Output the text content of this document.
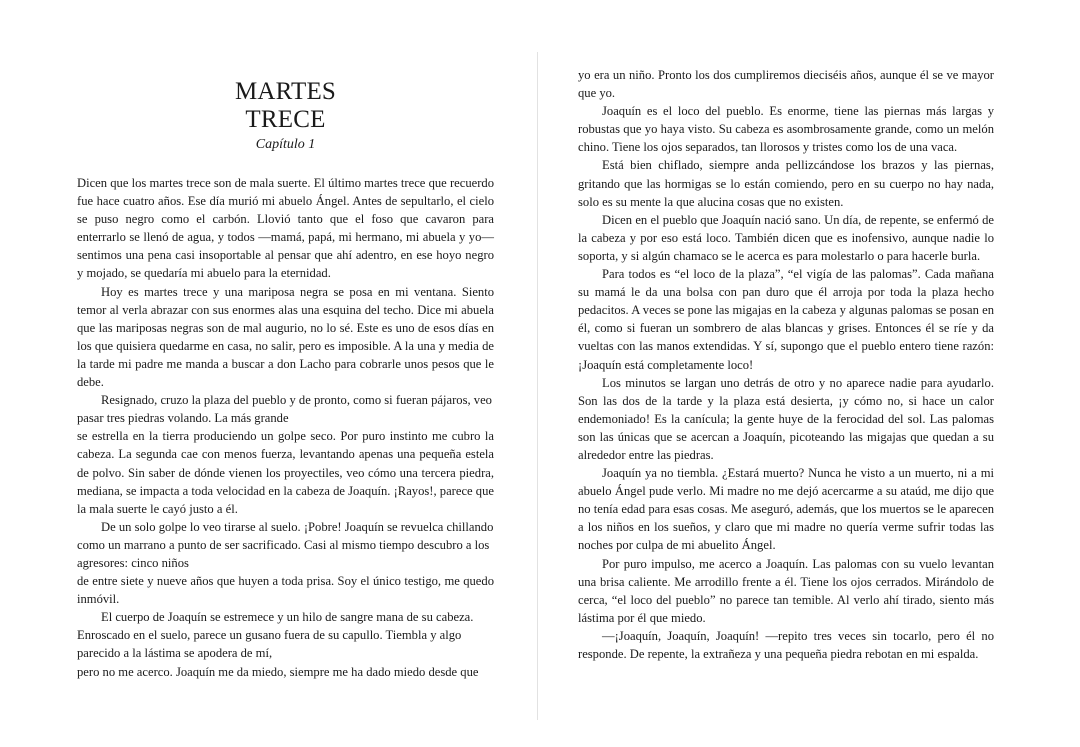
MARTES
TRECE
Capítulo 1

Dicen que los martes trece son de mala suerte. El último martes trece que recuerdo fue hace cuatro años. Ese día murió mi abuelo Ángel. Antes de sepultarlo, el cielo se puso negro como el carbón. Llovió tanto que el foso que cavaron para enterrarlo se llenó de agua, y todos —mamá, papá, mi hermano, mi abuela y yo— sentimos una pena casi insoportable al pensar que ahí adentro, en ese hoyo negro y mojado, se quedaría mi abuelo para la eternidad.

Hoy es martes trece y una mariposa negra se posa en mi ventana. Siento temor al verla abrazar con sus enormes alas una esquina del techo. Dice mi abuela que las mariposas negras son de mal augurio, no lo sé. Este es uno de esos días en los que quisiera quedarme en casa, no salir, pero es imposible. A la una y media de la tarde mi padre me manda a buscar a don Lacho para cobrarle unos pesos que le debe.

Resignado, cruzo la plaza del pueblo y de pronto, como si fueran pájaros, veo pasar tres piedras volando. La más grande

se estrella en la tierra produciendo un golpe seco. Por puro instinto me cubro la cabeza. La segunda cae con menos fuerza, levantando apenas una pequeña estela de polvo. Sin saber de dónde vienen los proyectiles, veo cómo una tercera piedra, mediana, se impacta a toda velocidad en la cabeza de Joaquín. ¡Rayos!, parece que la mala suerte le cayó justo a él.

De un solo golpe lo veo tirarse al suelo. ¡Pobre! Joaquín se revuelca chillando como un marrano a punto de ser sacrificado. Casi al mismo tiempo descubro a los agresores: cinco niños

de entre siete y nueve años que huyen a toda prisa. Soy el único testigo, me quedo inmóvil.

El cuerpo de Joaquín se estremece y un hilo de sangre mana de su cabeza. Enroscado en el suelo, parece un gusano fuera de su capullo. Tiembla y algo parecido a la lástima se apodera de mí,

pero no me acerco. Joaquín me da miedo, siempre me ha dado miedo desde que

yo era un niño. Pronto los dos cumpliremos dieciséis años, aunque él se ve mayor que yo.

Joaquín es el loco del pueblo. Es enorme, tiene las piernas más largas y robustas que yo haya visto. Su cabeza es asombrosamente grande, como un melón chino. Tiene los ojos separados, tan llorosos y tristes como los de una vaca.

Está bien chiflado, siempre anda pellizcándose los brazos y las piernas, gritando que las hormigas se lo están comiendo, pero en su cuerpo no hay nada, solo es su mente la que alucina cosas que no existen.

Dicen en el pueblo que Joaquín nació sano. Un día, de repente, se enfermó de la cabeza y por eso está loco. También dicen que es inofensivo, aunque nadie lo soporta, y si algún chamaco se le acerca es para molestarlo o para hacerle burla.

Para todos es “el loco de la plaza”, “el vigía de las palomas”. Cada mañana su mamá le da una bolsa con pan duro que él arroja por toda la plaza hecho pedacitos. A veces se pone las migajas en la cabeza y algunas palomas se posan en él, como si fueran un sombrero de alas blancas y grises. Entonces él se ríe y da vueltas con las manos extendidas. Y sí, supongo que el pueblo entero tiene razón: ¡Joaquín está completamente loco!

Los minutos se largan uno detrás de otro y no aparece nadie para ayudarlo. Son las dos de la tarde y la plaza está desierta, ¡y cómo no, si hace un calor endemoniado! Es la canícula; la gente huye de la ferocidad del sol. Las palomas son las únicas que se acercan a Joaquín, picoteando las migajas que quedan a su alrededor entre las piedras.

Joaquín ya no tiembla. ¿Estará muerto? Nunca he visto a un muerto, ni a mi abuelo Ángel pude verlo. Mi madre no me dejó acercarme a su ataúd, me dijo que no tenía edad para esas cosas. Me aseguró, además, que los muertos se le aparecen a los niños en los sueños, y claro que mi madre no quería verme sufrir todas las noches por culpa de mi abuelito Ángel.

Por puro impulso, me acerco a Joaquín. Las palomas con su vuelo levantan una brisa caliente. Me arrodillo frente a él. Tiene los ojos cerrados. Mirándolo de cerca, “el loco del pueblo” no parece tan temible. Al verlo ahí tirado, siento más lástima por él que miedo.

—¡Joaquín, Joaquín, Joaquín! —repito tres veces sin tocarlo, pero él no responde. De repente, la extrañeza y una pequeña piedra rebotan en mi espalda.
